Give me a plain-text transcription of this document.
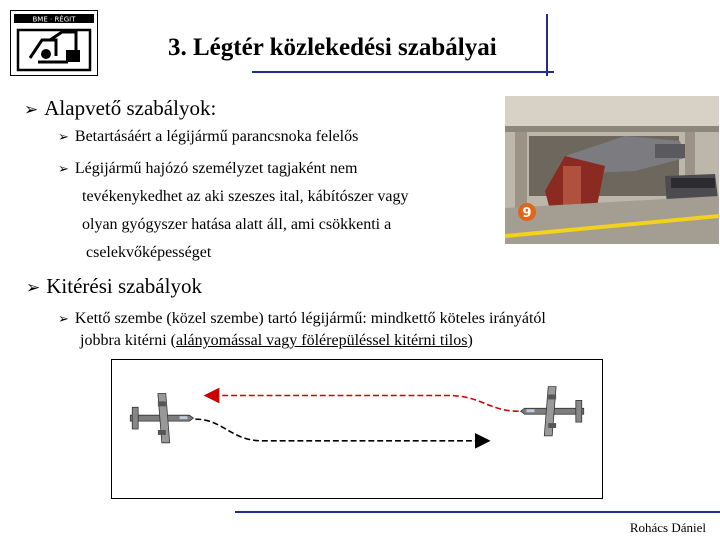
BME · RÉGIT
3. Légtér közlekedési szabályai
➢ Alapvető szabályok:
➢ Betartásáért a légijármű parancsnoka felelős
➢ Légijármű hajózó személyzet tagjaként nem
tevékenykedhet az aki szeszes ital, kábítószer vagy
olyan gyógyszer hatása alatt áll, ami csökkenti a
cselekvőképességet
9
➢ Kitérési szabályok
➢ Kettő szembe (közel szembe) tartó légijármű: mindkettő köteles irányától
jobbra kitérni (alányomással vagy fölérepüléssel kitérni tilos)
Rohács Dániel
